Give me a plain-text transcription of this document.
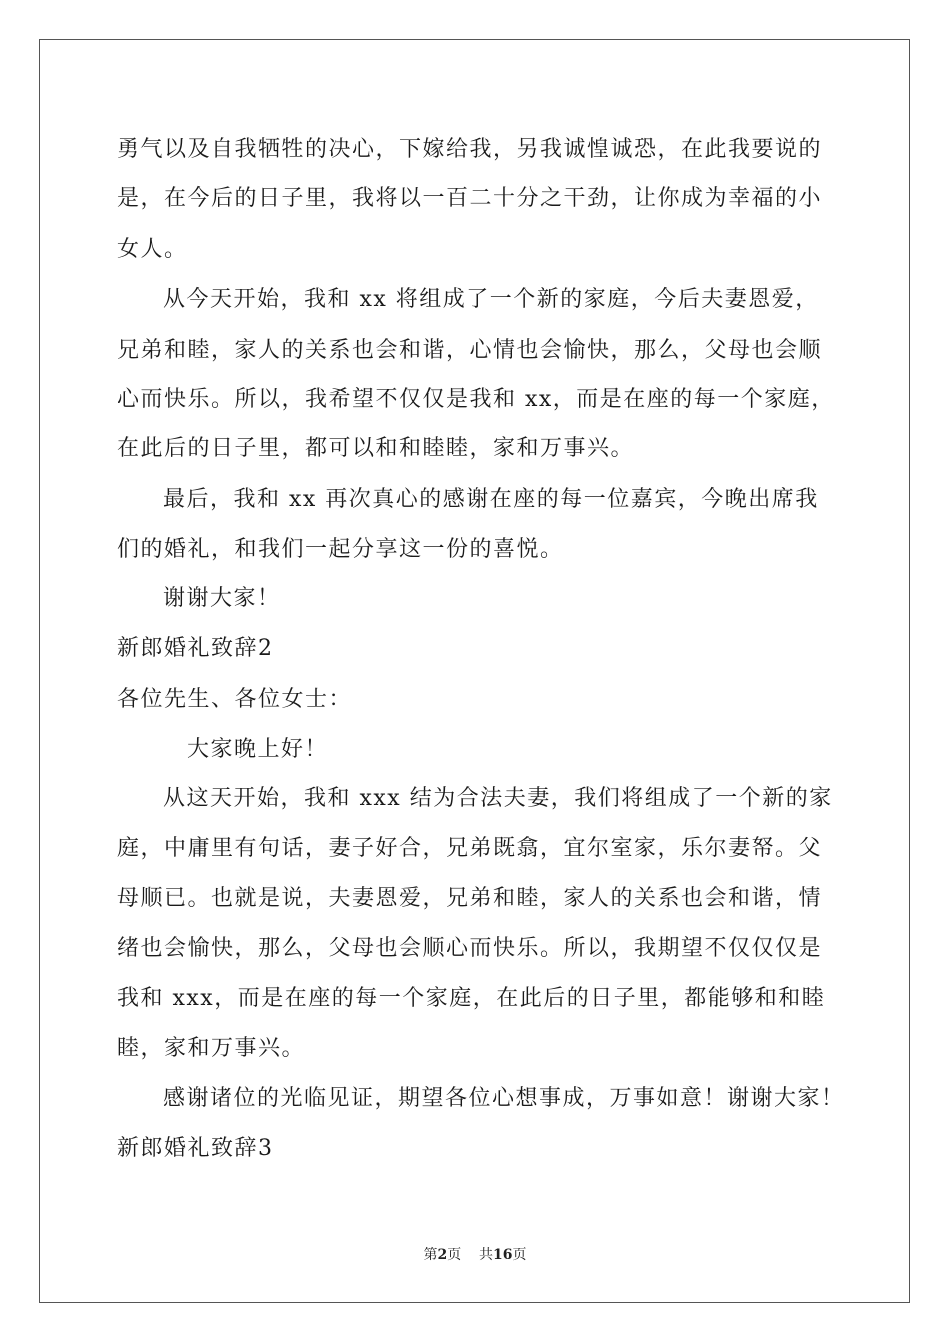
勇气以及自我牺牲的决心，下嫁给我，另我诚惶诚恐，在此我要说的
是，在今后的日子里，我将以一百二十分之干劲，让你成为幸福的小
女人。
从今天开始，我和 xx 将组成了一个新的家庭，今后夫妻恩爱，
兄弟和睦，家人的关系也会和谐，心情也会愉快，那么，父母也会顺
心而快乐。所以，我希望不仅仅是我和 xx，而是在座的每一个家庭，
在此后的日子里，都可以和和睦睦，家和万事兴。
最后，我和 xx 再次真心的感谢在座的每一位嘉宾，今晚出席我
们的婚礼，和我们一起分享这一份的喜悦。
谢谢大家！
新郎婚礼致辞2
各位先生、各位女士：
大家晚上好！
从这天开始，我和 xxx 结为合法夫妻，我们将组成了一个新的家
庭，中庸里有句话，妻子好合，兄弟既翕，宜尔室家，乐尔妻帑。父
母顺已。也就是说，夫妻恩爱，兄弟和睦，家人的关系也会和谐，情
绪也会愉快，那么，父母也会顺心而快乐。所以，我期望不仅仅仅是
我和 xxx，而是在座的每一个家庭，在此后的日子里，都能够和和睦
睦，家和万事兴。
感谢诸位的光临见证，期望各位心想事成，万事如意！谢谢大家！
新郎婚礼致辞3
第2页 共16页
